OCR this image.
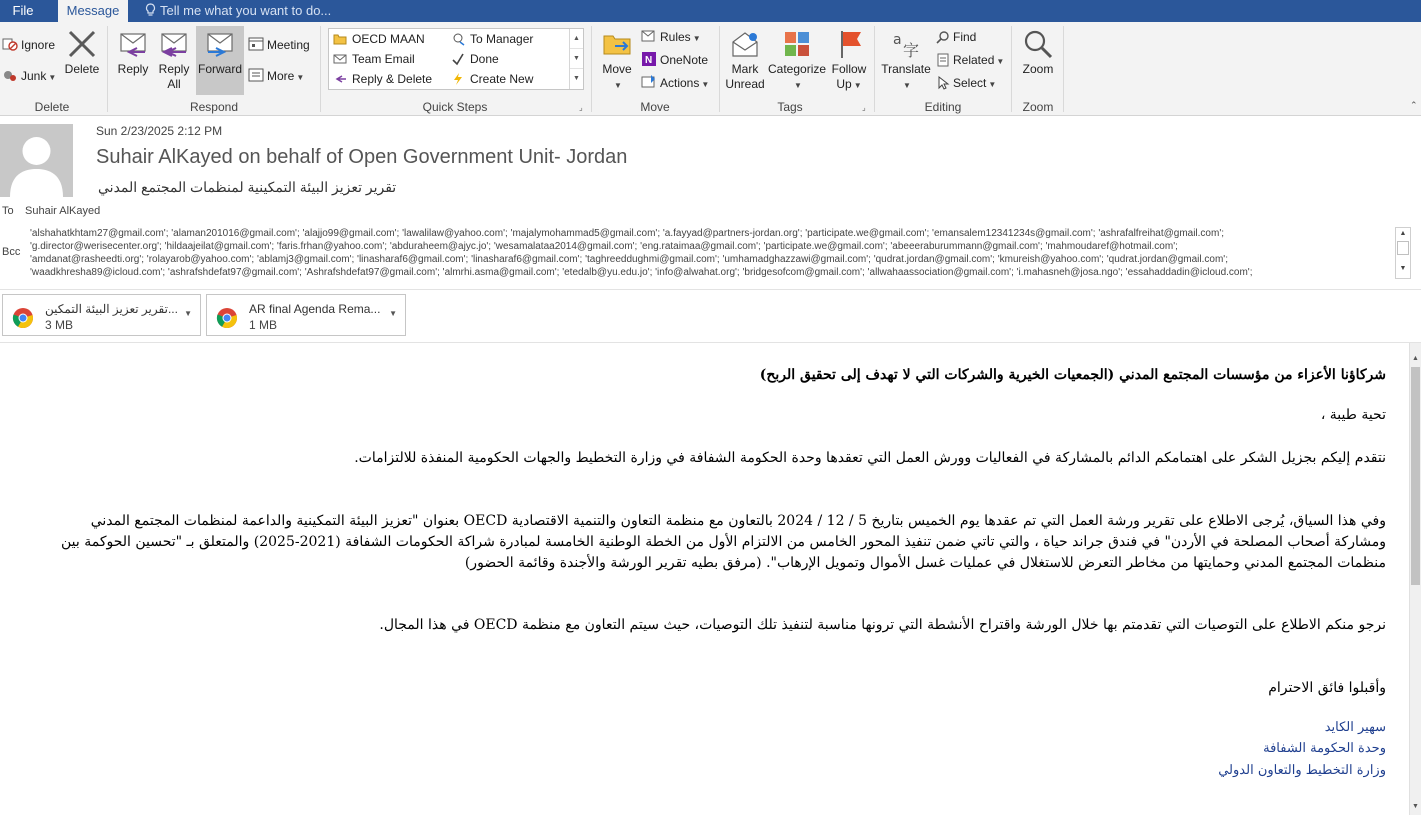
File	Message	Tell me what you want to do...
Ignore
Junk ▼
Delete
Delete
Reply Reply
All
Forward
Meeting
More ▼
Respond
OECD MAAN
Team Email
Reply & Delete
To Manager
Done
Create New
▲
▼
▼
Quick Steps	⌟
Move
▼
Rules ▼
N OneNote
Actions ▼
Move
Mark
Unread
Categorize
▼
Follow
Up ▼
Tags	⌟
a
字
Translate
▼
Find
Related ▼
Select ▼
Editing
Zoom
Zoom	⌃
Sun 2/23/2025 2:12 PM
Suhair AlKayed on behalf of Open Government Unit- Jordan
تقرير تعزيز البيئة التمكينية لمنظمات المجتمع المدني
To Suhair AlKayed
Bcc
'alshahatkhtam27@gmail.com'; 'alaman201016@gmail.com'; 'alajjo99@gmail.com'; 'lawalilaw@yahoo.com'; 'majalymohammad5@gmail.com'; 'a.fayyad@partners-jordan.org'; 'participate.we@gmail.com'; 'emansalem12341234s@gmail.com'; 'ashrafalfreihat@gmail.com';
'g.director@werisecenter.org'; 'hildaajeilat@gmail.com'; 'faris.frhan@yahoo.com'; 'abduraheem@ajyc.jo'; 'wesamalataa2014@gmail.com'; 'eng.rataimaa@gmail.com'; 'participate.we@gmail.com'; 'abeeeraburummann@gmail.com'; 'mahmoudaref@hotmail.com';
'amdanat@rasheedti.org'; 'rolayarob@yahoo.com'; 'ablamj3@gmail.com'; 'linasharaf6@gmail.com'; 'linasharaf6@gmail.com'; 'taghreeddughmi@gmail.com'; 'umhamadghazzawi@gmail.com'; 'qudrat.jordan@gmail.com'; 'kmureish@yahoo.com'; 'qudrat.jordan@gmail.com';
'waadkhresha89@icloud.com'; 'ashrafshdefat97@gmail.com'; 'Ashrafshdefat97@gmail.com'; 'almrhi.asma@gmail.com'; 'etedalb@yu.edu.jo'; 'info@alwahat.org'; 'bridgesofcom@gmail.com'; 'allwahaassociation@gmail.com'; 'i.mahasneh@josa.ngo'; 'essahaddadin@icloud.com';
▲
▼
تقرير تعزيز البيئة التمكين...
3 MB
▼	AR final Agenda Rema...
1 MB
▼
شركاؤنا الأعزاء من مؤسسات المجتمع المدني (الجمعيات الخيرية والشركات التي لا تهدف إلى تحقيق الربح)
تحية طيبة ،
نتقدم إليكم بجزيل الشكر على اهتمامكم الدائم بالمشاركة في الفعاليات وورش العمل التي تعقدها وحدة الحكومة الشفافة في وزارة التخطيط والجهات الحكومية المنفذة للالتزامات.
وفي هذا السياق، يُرجى الاطلاع على تقرير ورشة العمل التي تم عقدها يوم الخميس بتاريخ 5 / 12 / 2024 بالتعاون مع منظمة التعاون والتنمية الاقتصادية OECD بعنوان "تعزيز البيئة التمكينية والداعمة لمنظمات المجتمع المدني
ومشاركة أصحاب المصلحة في الأردن" في فندق جراند حياة ، والتي تاتي ضمن تنفيذ المحور الخامس من الالتزام الأول من الخطة الوطنية الخامسة لمبادرة شراكة الحكومات الشفافة (2021-2025) والمتعلق بـ "تحسين الحوكمة بين
منظمات المجتمع المدني وحمايتها من مخاطر التعرض للاستغلال في عمليات غسل الأموال وتمويل الإرهاب". (مرفق بطيه تقرير الورشة والأجندة وقائمة الحضور)
نرجو منكم الاطلاع على التوصيات التي تقدمتم بها خلال الورشة واقتراح الأنشطة التي ترونها مناسبة لتنفيذ تلك التوصيات، حيث سيتم التعاون مع منظمة OECD في هذا المجال.
وأقبلوا فائق الاحترام
سهير الكايد
وحدة الحكومة الشفافة
وزارة التخطيط والتعاون الدولي
▲
▼
